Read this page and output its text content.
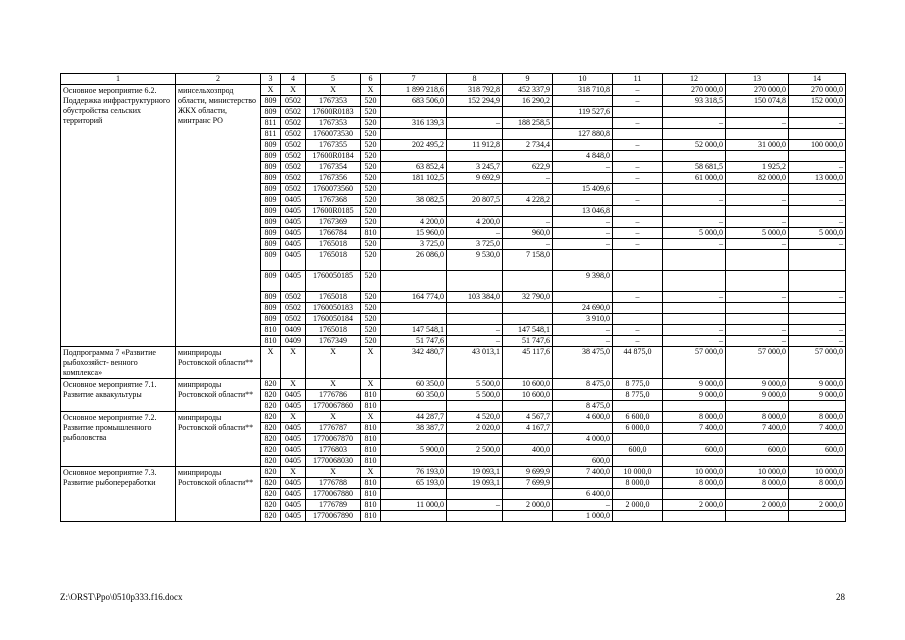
1	2	3	4	5	6	7	8	9	10	11	12	13	14
Основное мероприятие 6.2. Поддержка инфраструктурного обустройства сельских территорий	минсельхозпрод области, министерство ЖКХ области, минтранс РО	X	X	X	X	1 899 218,6	318 792,8	452 337,9	318 710,8	–	270 000,0	270 000,0	270 000,0
		809	0502	1767353	520	683 506,0	152 294,9	16 290,2		–	93 318,5	150 074,8	152 000,0
		809	0502	17600R0183	520				119 527,6				
		811	0502	1767353	520	316 139,3	–	188 258,5		–	–	–	–
		811	0502	1760073530	520				127 880,8				
		809	0502	1767355	520	202 495,2	11 912,8	2 734,4		–	52 000,0	31 000,0	100 000,0
		809	0502	17600R0184	520				4 848,0				
		809	0502	1767354	520	63 852,4	3 245,7	622,9	–	–	58 681,5	1 925,2	–
		809	0502	1767356	520	181 102,5	9 692,9	–		–	61 000,0	82 000,0	13 000,0
		809	0502	1760073560	520				15 409,6				
		809	0405	1767368	520	38 082,5	20 807,5	4 228,2		–	–	–	–
		809	0405	17600R0185	520				13 046,8				
		809	0405	1767369	520	4 200,0	4 200,0	–	–	–	–	–	–
		809	0405	1766784	810	15 960,0	–	960,0	–	–	5 000,0	5 000,0	5 000,0
		809	0405	1765018	520	3 725,0	3 725,0	–	–	–	–	–	–
		809	0405	1765018	520	26 086,0	9 530,0	7 158,0					
		809	0405	1760050185	520				9 398,0				
		809	0502	1765018	520	164 774,0	103 384,0	32 790,0		–	–	–	–
		809	0502	1760050183	520				24 690,0				
		809	0502	1760050184	520				3 910,0				
		810	0409	1765018	520	147 548,1	–	147 548,1	–	–	–	–	–
		810	0409	1767349	520	51 747,6	–	51 747,6	–	–	–	–	–
Подпрограмма 7 «Развитие рыбохозяйст- венного комплекса»	минприроды Ростовской области**	X	X	X	X	342 480,7	43 013,1	45 117,6	38 475,0	44 875,0	57 000,0	57 000,0	57 000,0
Основное мероприятие 7.1. Развитие аквакультуры	минприроды Ростовской области**	820	X	X	X	60 350,0	5 500,0	10 600,0	8 475,0	8 775,0	9 000,0	9 000,0	9 000,0
		820	0405	1776786	810	60 350,0	5 500,0	10 600,0		8 775,0	9 000,0	9 000,0	9 000,0
		820	0405	1770067860	810				8 475,0				
Основное мероприятие 7.2. Развитие промышленного рыболовства	минприроды Ростовской области**	820	X	X	X	44 287,7	4 520,0	4 567,7	4 600,0	6 600,0	8 000,0	8 000,0	8 000,0
		820	0405	1776787	810	38 387,7	2 020,0	4 167,7		6 000,0	7 400,0	7 400,0	7 400,0
		820	0405	1770067870	810				4 000,0				
		820	0405	1776803	810	5 900,0	2 500,0	400,0		600,0	600,0	600,0	600,0
		820	0405	1770068030	810				600,0				
Основное мероприятие 7.3. Развитие рыбопереработки	минприроды Ростовской области**	820	X	X	X	76 193,0	19 093,1	9 699,9	7 400,0	10 000,0	10 000,0	10 000,0	10 000,0
		820	0405	1776788	810	65 193,0	19 093,1	7 699,9		8 000,0	8 000,0	8 000,0	8 000,0
		820	0405	1770067880	810				6 400,0				
		820	0405	1776789	810	11 000,0	–	2 000,0	–	2 000,0	2 000,0	2 000,0	2 000,0
		820	0405	1770067890	810				1 000,0				
Z:\ORST\Ppo\0510p333.f16.docx	28
